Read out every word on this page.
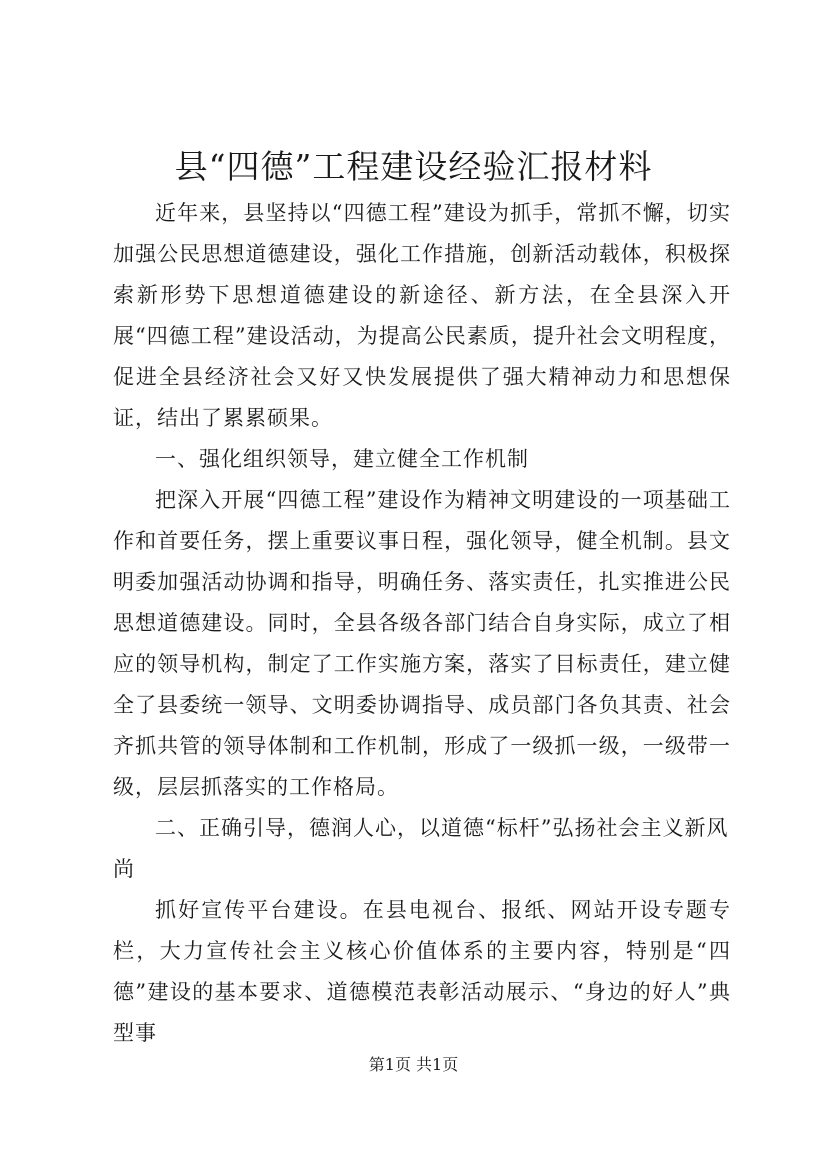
县“四德”工程建设经验汇报材料

近年来，县坚持以“四德工程”建设为抓手，常抓不懈，切实加强公民思想道德建设，强化工作措施，创新活动载体，积极探索新形势下思想道德建设的新途径、新方法，在全县深入开展“四德工程”建设活动，为提高公民素质，提升社会文明程度，促进全县经济社会又好又快发展提供了强大精神动力和思想保证，结出了累累硕果。

一、强化组织领导，建立健全工作机制

把深入开展“四德工程”建设作为精神文明建设的一项基础工作和首要任务，摆上重要议事日程，强化领导，健全机制。县文明委加强活动协调和指导，明确任务、落实责任，扎实推进公民思想道德建设。同时，全县各级各部门结合自身实际，成立了相应的领导机构，制定了工作实施方案，落实了目标责任，建立健全了县委统一领导、文明委协调指导、成员部门各负其责、社会齐抓共管的领导体制和工作机制，形成了一级抓一级，一级带一级，层层抓落实的工作格局。

二、正确引导，德润人心，以道德“标杆”弘扬社会主义新风尚

抓好宣传平台建设。在县电视台、报纸、网站开设专题专栏，大力宣传社会主义核心价值体系的主要内容，特别是“四德”建设的基本要求、道德模范表彰活动展示、“身边的好人”典型事

第1页 共1页
